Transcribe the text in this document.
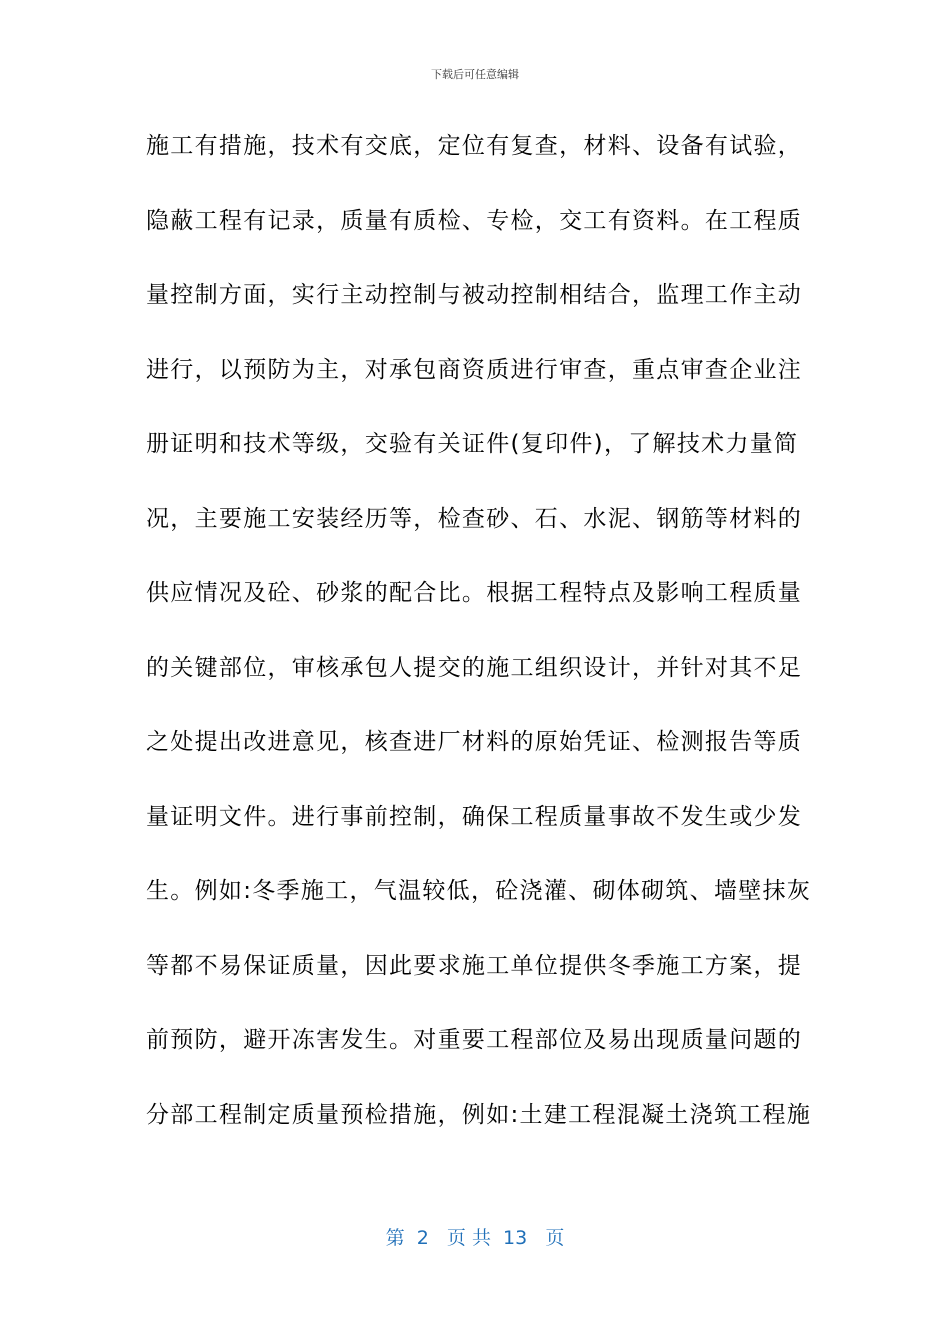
下载后可任意编辑
施工有措施，技术有交底，定位有复查，材料、设备有试验，
隐蔽工程有记录，质量有质检、专检，交工有资料。在工程质
量控制方面，实行主动控制与被动控制相结合，监理工作主动
进行，以预防为主，对承包商资质进行审查，重点审查企业注
册证明和技术等级，交验有关证件(复印件)，了解技术力量简
况，主要施工安装经历等，检查砂、石、水泥、钢筋等材料的
供应情况及砼、砂浆的配合比。根据工程特点及影响工程质量
的关键部位，审核承包人提交的施工组织设计，并针对其不足
之处提出改进意见，核查进厂材料的原始凭证、检测报告等质
量证明文件。进行事前控制，确保工程质量事故不发生或少发
生。例如:冬季施工，气温较低，砼浇灌、砌体砌筑、墙壁抹灰
等都不易保证质量，因此要求施工单位提供冬季施工方案，提
前预防，避开冻害发生。对重要工程部位及易出现质量问题的
分部工程制定质量预检措施，例如:土建工程混凝土浇筑工程施
第  2   页 共  13   页
